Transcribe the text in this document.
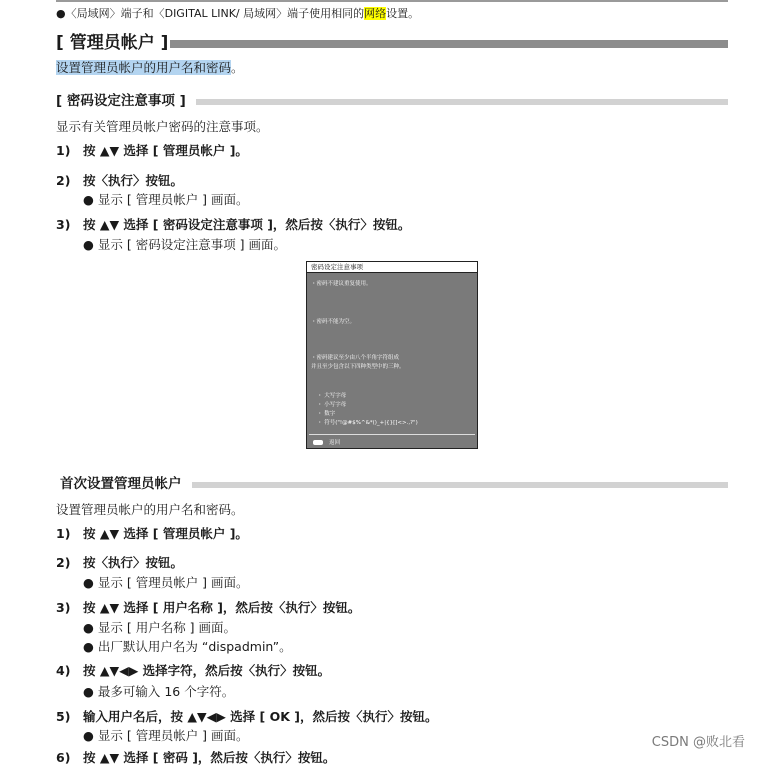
●〈局域网〉端子和〈DIGITAL LINK/ 局域网〉端子使用相同的网络设置。
[ 管理员帐户 ]
设置管理员帐户的用户名和密码。
[ 密码设定注意事项 ]
显示有关管理员帐户密码的注意事项。
1) 按 ▲▼ 选择 [ 管理员帐户 ]。
2) 按〈执行〉按钮。
● 显示 [ 管理员帐户 ] 画面。
3) 按 ▲▼ 选择 [ 密码设定注意事项 ]，然后按〈执行〉按钮。
● 显示 [ 密码设定注意事项 ] 画面。
密码设定注意事项
・密码不建议重复使用。
・密码不能为空。
・密码建议至少由八个半角字符组成
并且至少包含以下四种类型中的三种。
・ 大写字母
・ 小写字母
・ 数字
・ 符号("!@#$%^&*()_+|{}[]<>.,?")
返回
首次设置管理员帐户
设置管理员帐户的用户名和密码。
1) 按 ▲▼ 选择 [ 管理员帐户 ]。
2) 按〈执行〉按钮。
● 显示 [ 管理员帐户 ] 画面。
3) 按 ▲▼ 选择 [ 用户名称 ]，然后按〈执行〉按钮。
● 显示 [ 用户名称 ] 画面。
● 出厂默认用户名为 “dispadmin”。
4) 按 ▲▼◀▶ 选择字符，然后按〈执行〉按钮。
● 最多可输入 16 个字符。
5) 输入用户名后，按 ▲▼◀▶ 选择 [ OK ]，然后按〈执行〉按钮。
● 显示 [ 管理员帐户 ] 画面。
6) 按 ▲▼ 选择 [ 密码 ]，然后按〈执行〉按钮。
CSDN @败北看
